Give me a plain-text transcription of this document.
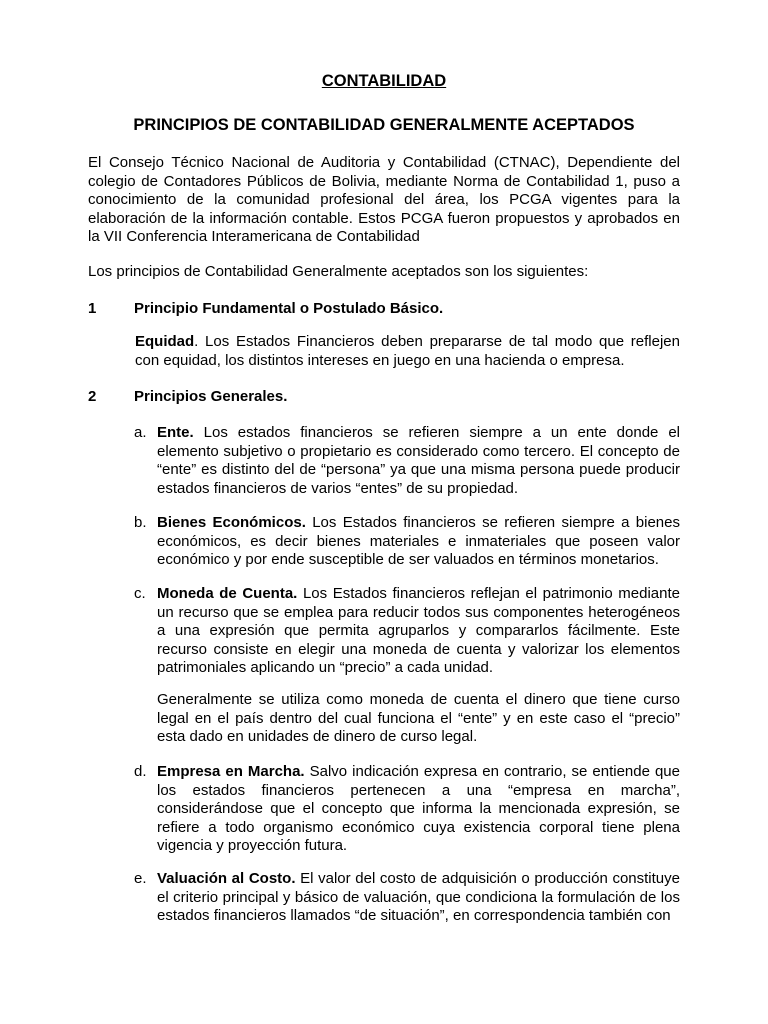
CONTABILIDAD
PRINCIPIOS DE CONTABILIDAD GENERALMENTE ACEPTADOS

El Consejo Técnico Nacional de Auditoria y Contabilidad (CTNAC), Dependiente del colegio de Contadores Públicos de Bolivia, mediante Norma de Contabilidad 1, puso a conocimiento de la comunidad profesional del área, los PCGA vigentes para la elaboración de la información contable. Estos PCGA fueron propuestos y aprobados en la VII Conferencia Interamericana de Contabilidad

Los principios de Contabilidad Generalmente aceptados son los siguientes:

1	Principio Fundamental o Postulado Básico.

Equidad. Los Estados Financieros deben prepararse de tal modo que reflejen con equidad, los distintos intereses en juego en una hacienda o empresa.

2	Principios Generales.
a. Ente. Los estados financieros se refieren siempre a un ente donde el elemento subjetivo o propietario es considerado como tercero. El concepto de “ente” es distinto del de “persona” ya que una misma persona puede producir estados financieros de varios “entes” de su propiedad.

b. Bienes Económicos. Los Estados financieros se refieren siempre a bienes económicos, es decir bienes materiales e inmateriales que poseen valor económico y por ende susceptible de ser valuados en términos monetarios.

c. Moneda de Cuenta. Los Estados financieros reflejan el patrimonio mediante un recurso que se emplea para reducir todos sus componentes heterogéneos a una expresión que permita agruparlos y compararlos fácilmente. Este recurso consiste en elegir una moneda de cuenta y valorizar los elementos patrimoniales aplicando un “precio” a cada unidad.

Generalmente se utiliza como moneda de cuenta el dinero que tiene curso legal en el país dentro del cual funciona el “ente” y en este caso el “precio” esta dado en unidades de dinero de curso legal.

d. Empresa en Marcha. Salvo indicación expresa en contrario, se entiende que los estados financieros pertenecen a una “empresa en marcha”, considerándose que el concepto que informa la mencionada expresión, se refiere a todo organismo económico cuya existencia corporal tiene plena vigencia y proyección futura.

e. Valuación al Costo. El valor del costo de adquisición o producción constituye el criterio principal y básico de valuación, que condiciona la formulación de los estados financieros llamados “de situación”, en correspondencia también con
